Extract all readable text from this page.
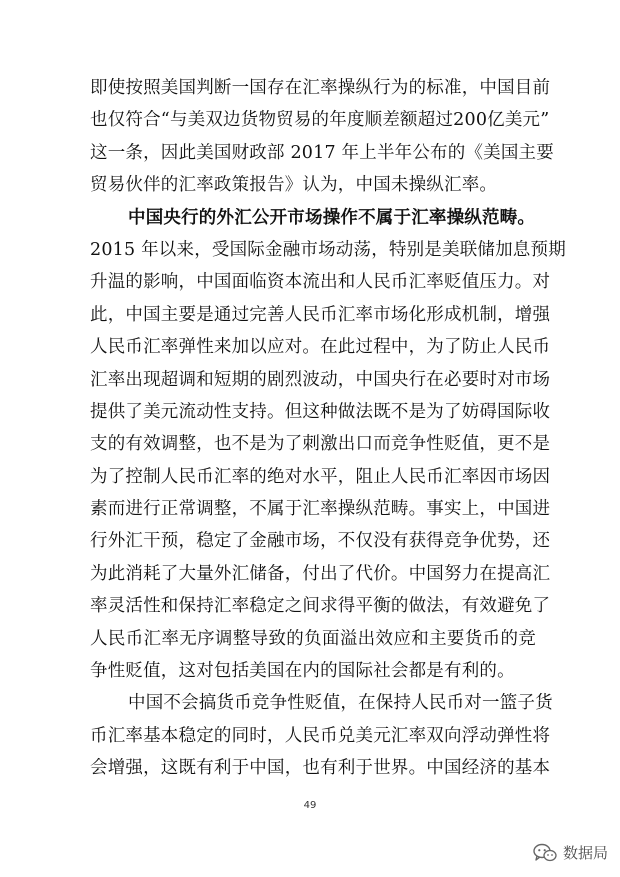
即使按照美国判断一国存在汇率操纵行为的标准，中国目前
也仅符合“与美双边货物贸易的年度顺差额超过200亿美元”
这一条，因此美国财政部 2017 年上半年公布的《美国主要
贸易伙伴的汇率政策报告》认为，中国未操纵汇率。
中国央行的外汇公开市场操作不属于汇率操纵范畴。
2015 年以来，受国际金融市场动荡，特别是美联储加息预期
升温的影响，中国面临资本流出和人民币汇率贬值压力。对
此，中国主要是通过完善人民币汇率市场化形成机制，增强
人民币汇率弹性来加以应对。在此过程中，为了防止人民币
汇率出现超调和短期的剧烈波动，中国央行在必要时对市场
提供了美元流动性支持。但这种做法既不是为了妨碍国际收
支的有效调整，也不是为了刺激出口而竞争性贬值，更不是
为了控制人民币汇率的绝对水平，阻止人民币汇率因市场因
素而进行正常调整，不属于汇率操纵范畴。事实上，中国进
行外汇干预，稳定了金融市场，不仅没有获得竞争优势，还
为此消耗了大量外汇储备，付出了代价。中国努力在提高汇
率灵活性和保持汇率稳定之间求得平衡的做法，有效避免了
人民币汇率无序调整导致的负面溢出效应和主要货币的竞
争性贬值，这对包括美国在内的国际社会都是有利的。
中国不会搞货币竞争性贬值，在保持人民币对一篮子货
币汇率基本稳定的同时，人民币兑美元汇率双向浮动弹性将
会增强，这既有利于中国，也有利于世界。中国经济的基本
49
数据局
